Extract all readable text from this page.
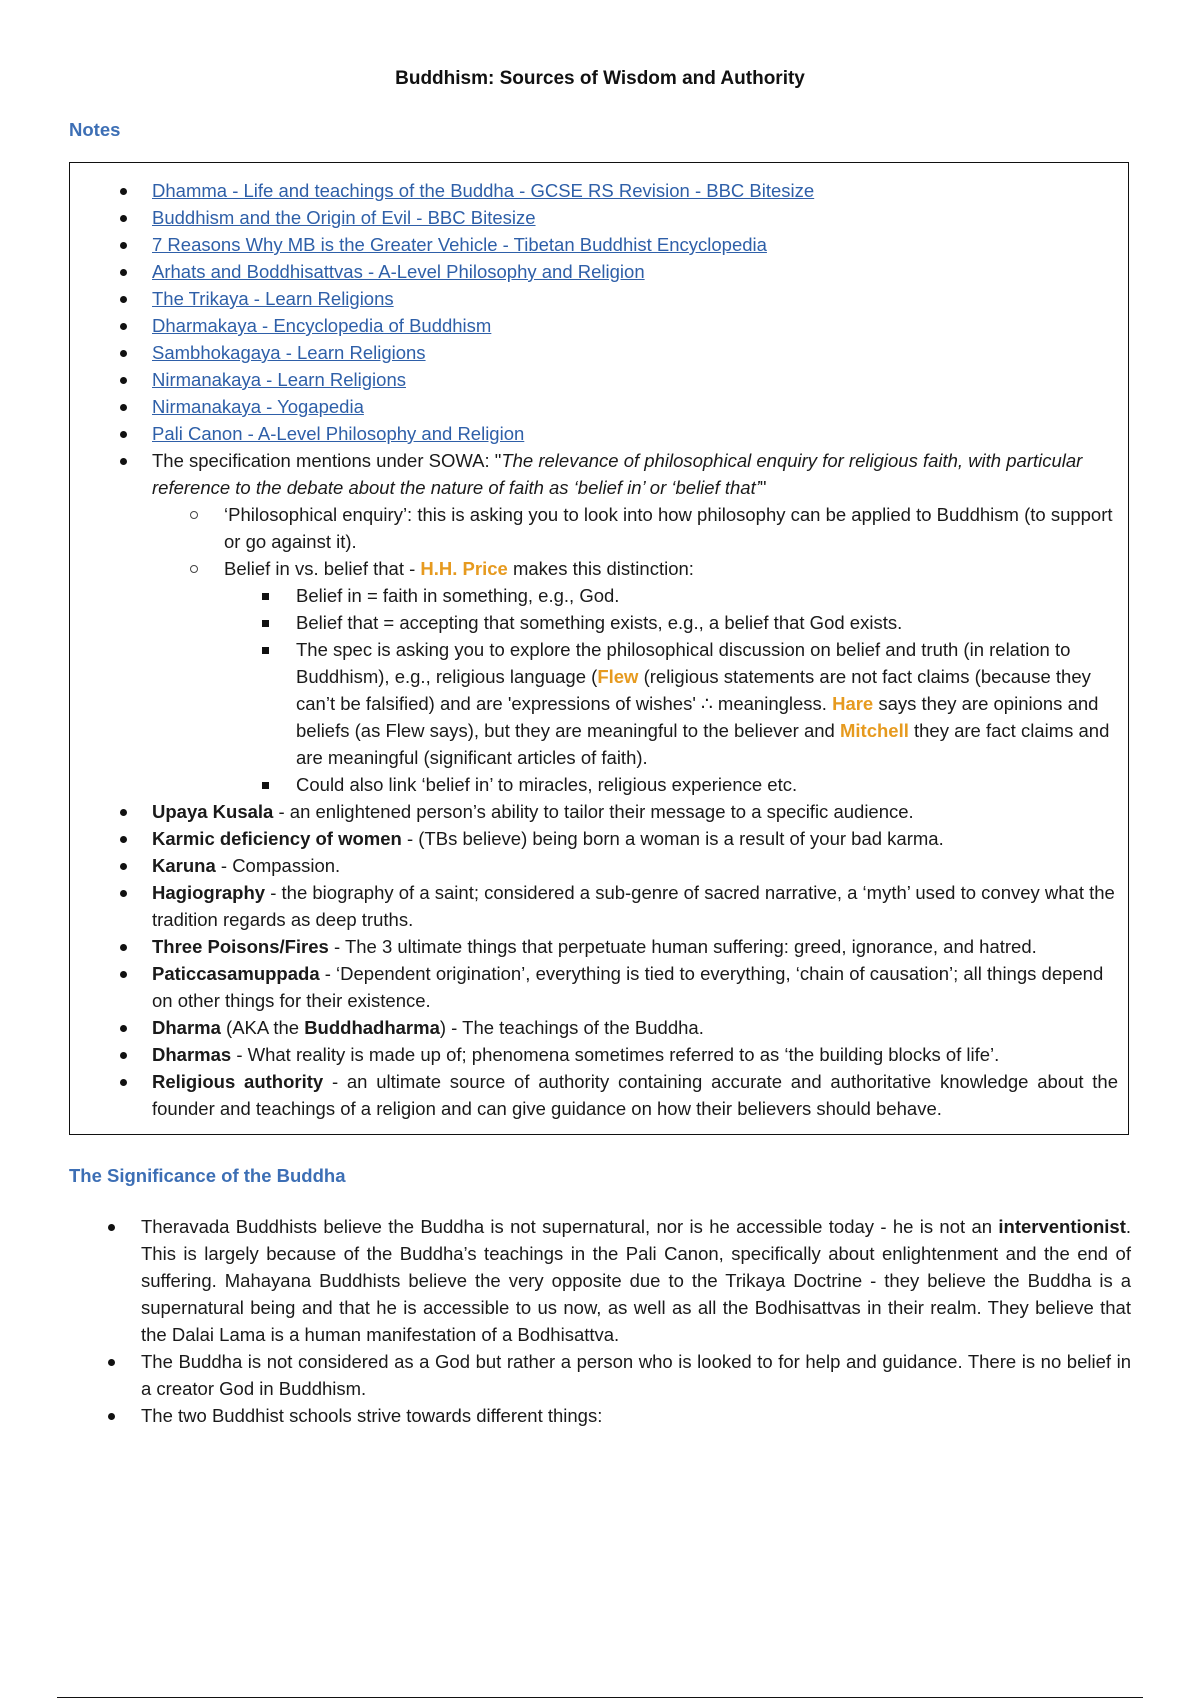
Buddhism: Sources of Wisdom and Authority
Notes
Dhamma - Life and teachings of the Buddha - GCSE RS Revision - BBC Bitesize
Buddhism and the Origin of Evil - BBC Bitesize
7 Reasons Why MB is the Greater Vehicle - Tibetan Buddhist Encyclopedia
Arhats and Boddhisattvas - A-Level Philosophy and Religion
The Trikaya - Learn Religions
Dharmakaya - Encyclopedia of Buddhism
Sambhokagaya - Learn Religions
Nirmanakaya - Learn Religions
Nirmanakaya - Yogapedia
Pali Canon - A-Level Philosophy and Religion
The specification mentions under SOWA: "The relevance of philosophical enquiry for religious faith, with particular reference to the debate about the nature of faith as ‘belief in’ or ‘belief that’"
‘Philosophical enquiry’: this is asking you to look into how philosophy can be applied to Buddhism (to support or go against it).
Belief in vs. belief that - H.H. Price makes this distinction:
Belief in = faith in something, e.g., God.
Belief that = accepting that something exists, e.g., a belief that God exists.
The spec is asking you to explore the philosophical discussion on belief and truth (in relation to Buddhism), e.g., religious language (Flew (religious statements are not fact claims (because they can’t be falsified) and are 'expressions of wishes' ∴ meaningless. Hare says they are opinions and beliefs (as Flew says), but they are meaningful to the believer and Mitchell they are fact claims and are meaningful (significant articles of faith).
Could also link ‘belief in’ to miracles, religious experience etc.
Upaya Kusala - an enlightened person’s ability to tailor their message to a specific audience.
Karmic deficiency of women - (TBs believe) being born a woman is a result of your bad karma.
Karuna - Compassion.
Hagiography - the biography of a saint; considered a sub-genre of sacred narrative, a ‘myth’ used to convey what the tradition regards as deep truths.
Three Poisons/Fires - The 3 ultimate things that perpetuate human suffering: greed, ignorance, and hatred.
Paticcasamuppada - ‘Dependent origination’, everything is tied to everything, ‘chain of causation’; all things depend on other things for their existence.
Dharma (AKA the Buddhadharma) - The teachings of the Buddha.
Dharmas - What reality is made up of; phenomena sometimes referred to as ‘the building blocks of life’.
Religious authority - an ultimate source of authority containing accurate and authoritative knowledge about the founder and teachings of a religion and can give guidance on how their believers should behave.
The Significance of the Buddha
Theravada Buddhists believe the Buddha is not supernatural, nor is he accessible today - he is not an interventionist. This is largely because of the Buddha’s teachings in the Pali Canon, specifically about enlightenment and the end of suffering. Mahayana Buddhists believe the very opposite due to the Trikaya Doctrine - they believe the Buddha is a supernatural being and that he is accessible to us now, as well as all the Bodhisattvas in their realm. They believe that the Dalai Lama is a human manifestation of a Bodhisattva.
The Buddha is not considered as a God but rather a person who is looked to for help and guidance. There is no belief in a creator God in Buddhism.
The two Buddhist schools strive towards different things:
